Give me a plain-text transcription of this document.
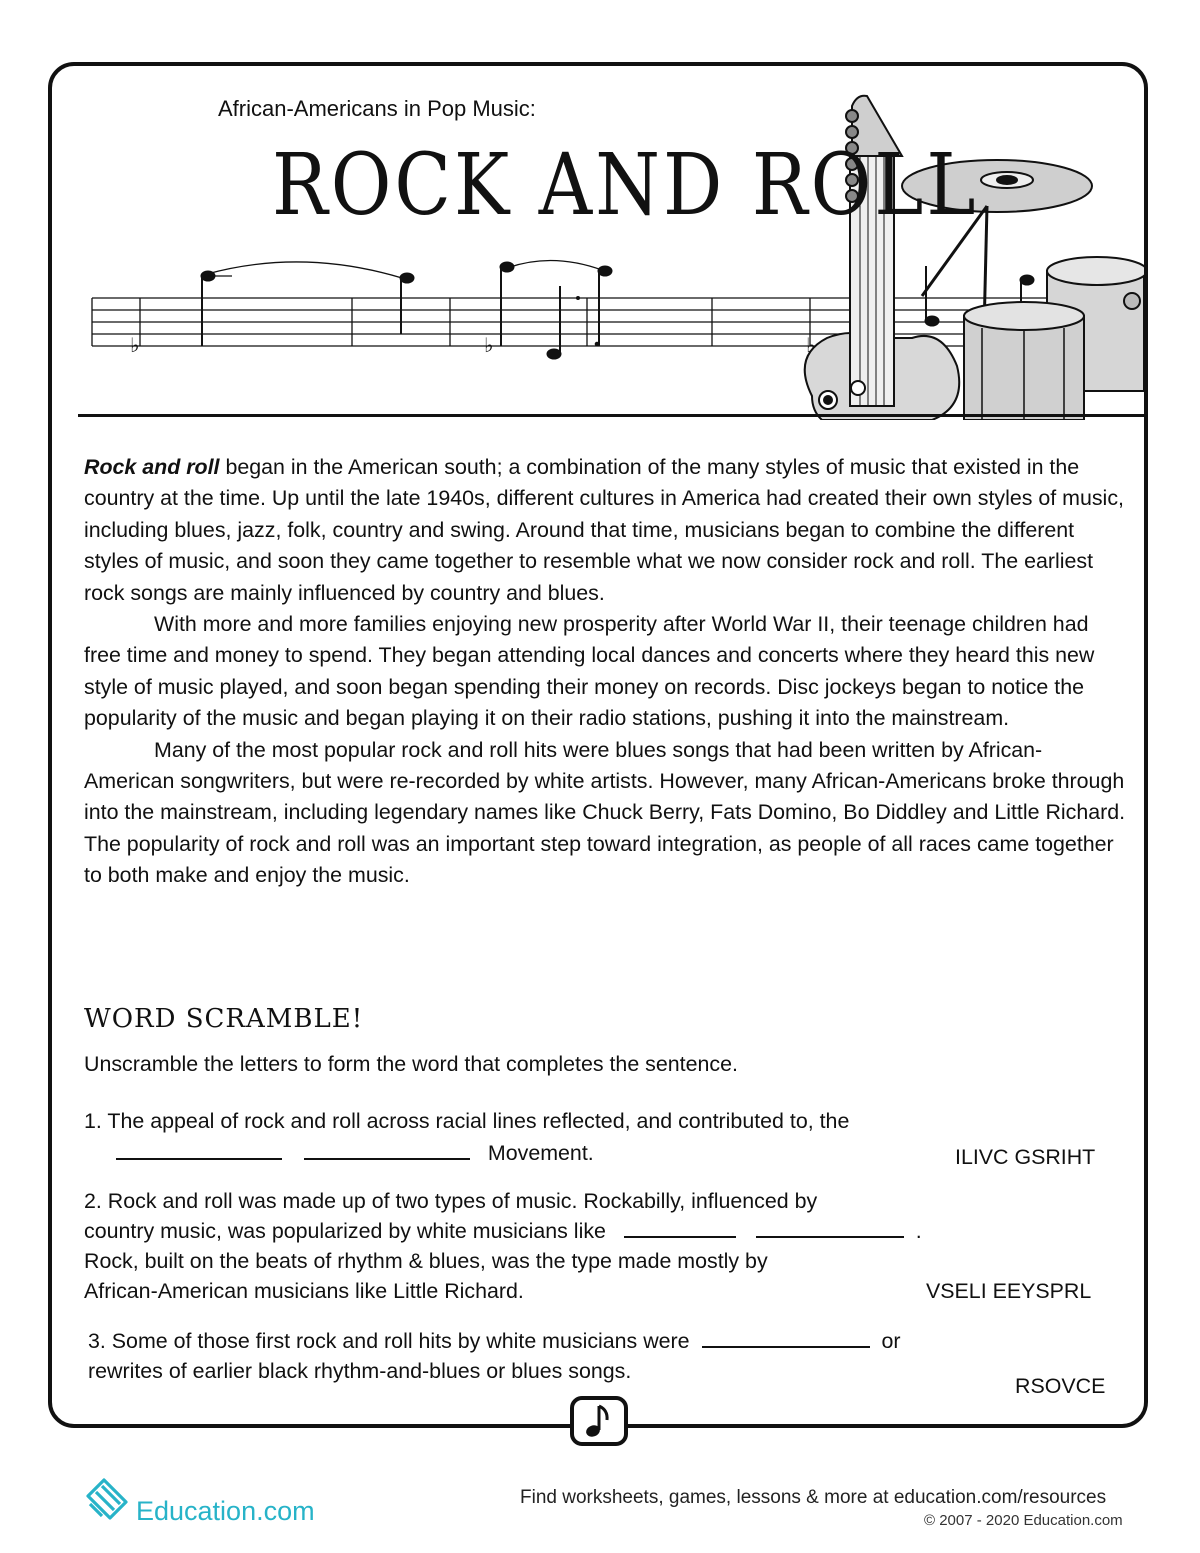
♭	♭	♭
African-Americans in Pop Music:
ROCK AND ROLL

Rock and roll began in the American south; a combination of the many styles of music that existed in the country at the time. Up until the late 1940s, different cultures in America had created their own styles of music, including blues, jazz, folk, country and swing. Around that time, musicians began to combine the different styles of music, and soon they came together to resemble what we now consider rock and roll. The earliest rock songs are mainly influenced by country and blues.

With more and more families enjoying new prosperity after World War II, their teenage children had free time and money to spend. They began attending local dances and concerts where they heard this new style of music played, and soon began spending their money on records. Disc jockeys began to notice the popularity of the music and began playing it on their radio stations, pushing it into the mainstream.

Many of the most popular rock and roll hits were blues songs that had been written by African-American songwriters, but were re-recorded by white artists. However, many African-Americans broke through into the mainstream, including legendary names like Chuck Berry, Fats Domino, Bo Diddley and Little Richard. The popularity of rock and roll was an important step toward integration, as people of all races came together to both make and enjoy the music.

WORD SCRAMBLE!
Unscramble the letters to form the word that completes the sentence.
1. The appeal of rock and roll across racial lines reflected, and contributed to, the
Movement.	ILIVC GSRIHT
2. Rock and roll was made up of two types of music. Rockabilly, influenced by
country music, was popularized by white musicians like	.
Rock, built on the beats of rhythm & blues, was the type made mostly by
African-American musicians like Little Richard.	VSELI EEYSPRL
3. Some of those first rock and roll hits by white musicians were	or
rewrites of earlier black rhythm-and-blues or blues songs.
RSOVCE
Education.com	Find worksheets, games, lessons & more at education.com/resources
© 2007 - 2020 Education.com
